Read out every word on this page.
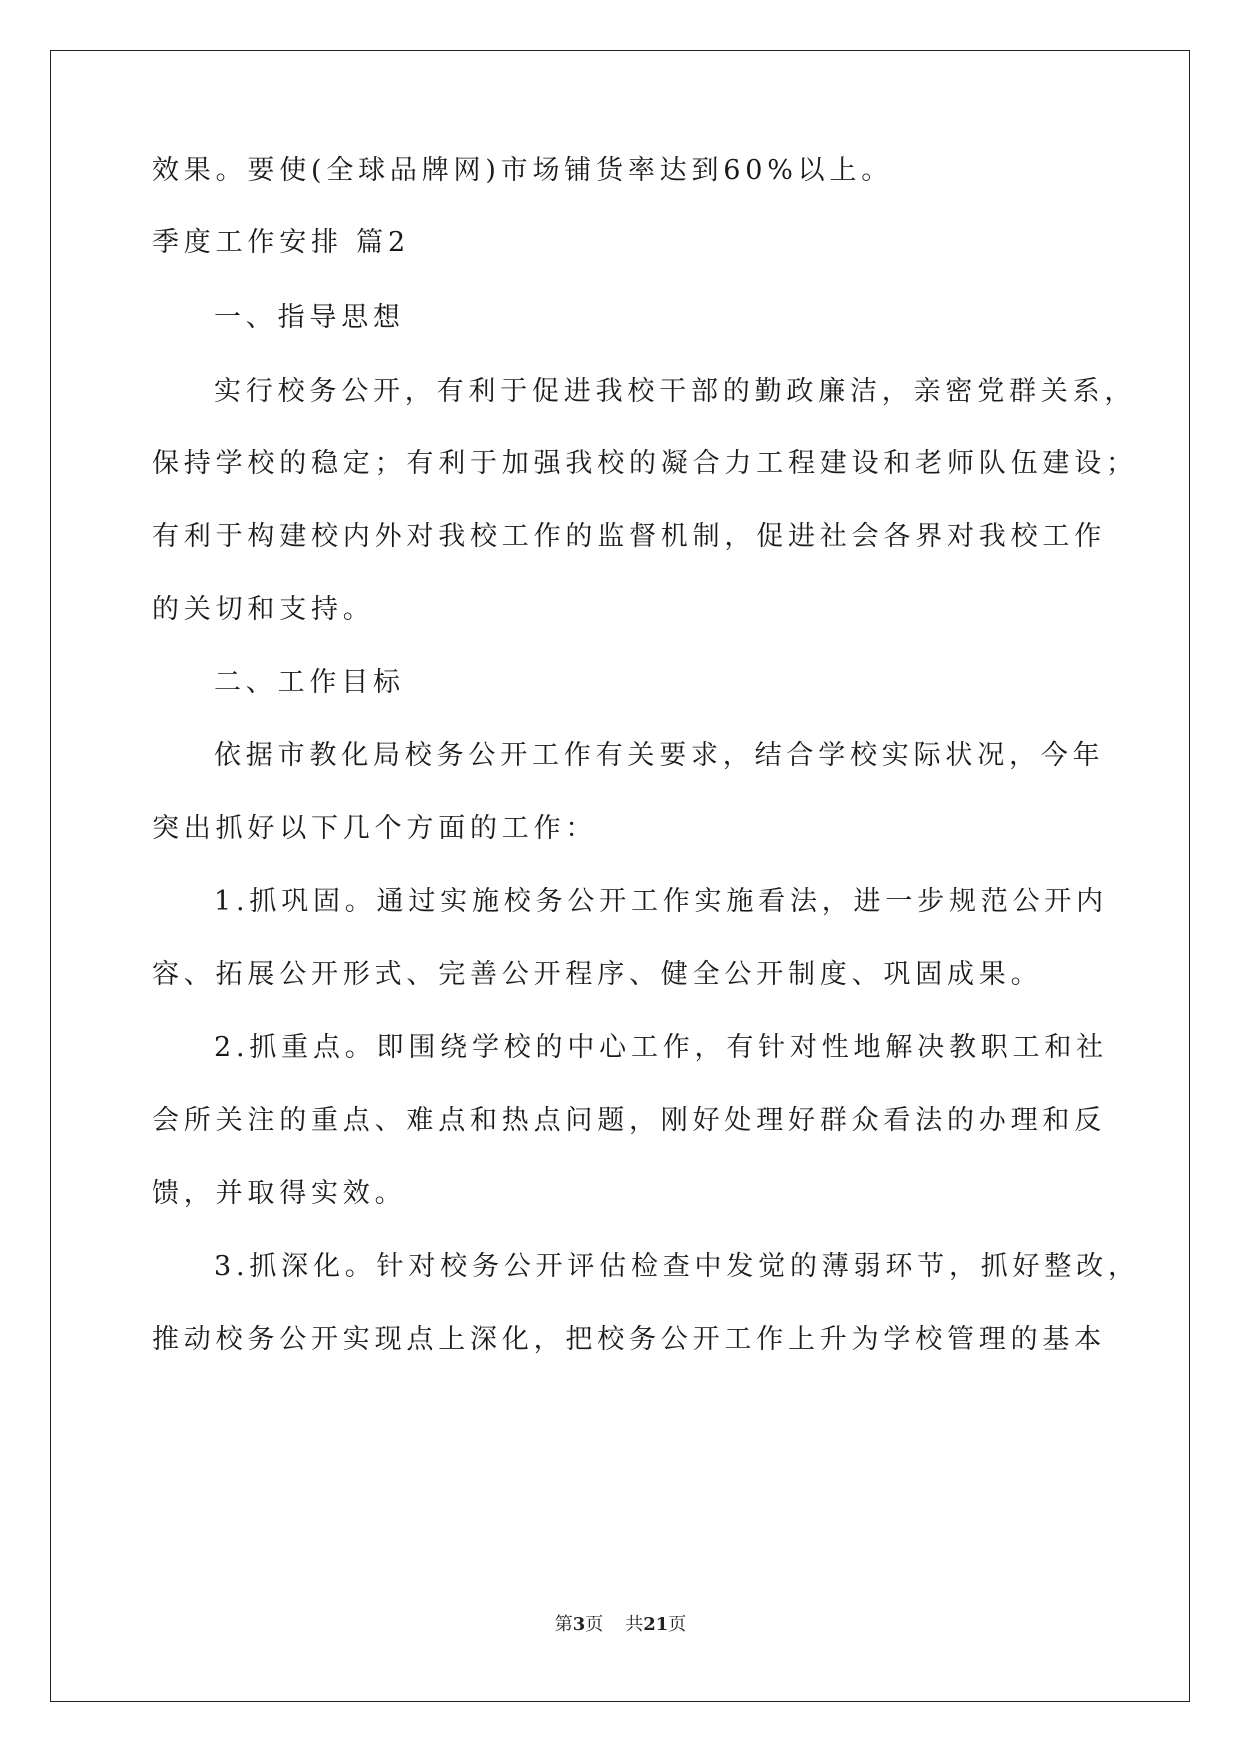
效果。要使(全球品牌网)市场铺货率达到60%以上。
季度工作安排 篇2
一、指导思想
实行校务公开，有利于促进我校干部的勤政廉洁，亲密党群关系，
保持学校的稳定；有利于加强我校的凝合力工程建设和老师队伍建设；
有利于构建校内外对我校工作的监督机制，促进社会各界对我校工作
的关切和支持。
二、工作目标
依据市教化局校务公开工作有关要求，结合学校实际状况，今年
突出抓好以下几个方面的工作：
1.抓巩固。通过实施校务公开工作实施看法，进一步规范公开内
容、拓展公开形式、完善公开程序、健全公开制度、巩固成果。
2.抓重点。即围绕学校的中心工作，有针对性地解决教职工和社
会所关注的重点、难点和热点问题，刚好处理好群众看法的办理和反
馈，并取得实效。
3.抓深化。针对校务公开评估检查中发觉的薄弱环节，抓好整改，
推动校务公开实现点上深化，把校务公开工作上升为学校管理的基本
第3页 共21页
